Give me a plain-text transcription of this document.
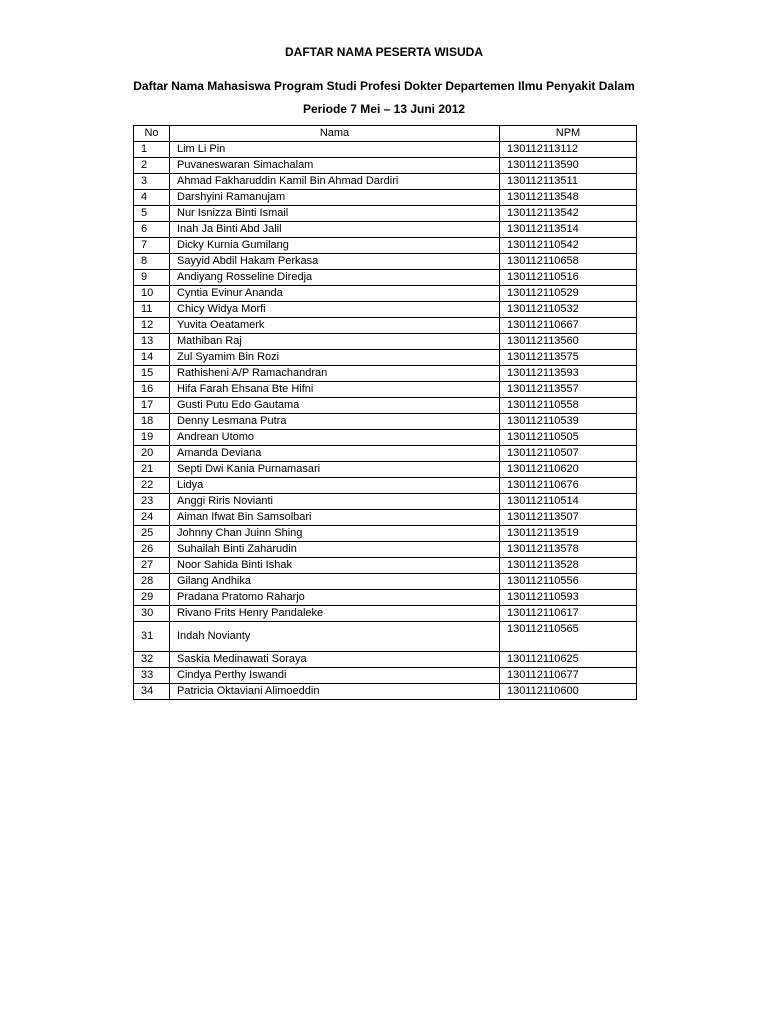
DAFTAR NAMA PESERTA WISUDA
Daftar Nama Mahasiswa Program Studi Profesi Dokter Departemen Ilmu Penyakit Dalam
Periode 7 Mei – 13 Juni 2012
No	Nama	NPM
1	Lim Li Pin	130112113112
2	Puvaneswaran Simachalam	130112113590
3	Ahmad Fakharuddin Kamil Bin Ahmad Dardiri	130112113511
4	Darshyini Ramanujam	130112113548
5	Nur Isnizza Binti Ismail	130112113542
6	Inah Ja Binti Abd Jalil	130112113514
7	Dicky Kurnia Gumilang	130112110542
8	Sayyid Abdil Hakam Perkasa	130112110658
9	Andiyang Rosseline Diredja	130112110516
10	Cyntia Evinur Ananda	130112110529
11	Chicy Widya Morfi	130112110532
12	Yuvita Oeatamerk	130112110667
13	Mathiban Raj	130112113560
14	Zul Syamim Bin Rozi	130112113575
15	Rathisheni A/P Ramachandran	130112113593
16	Hifa Farah Ehsana Bte Hifni	130112113557
17	Gusti Putu Edo Gautama	130112110558
18	Denny Lesmana Putra	130112110539
19	Andrean Utomo	130112110505
20	Amanda Deviana	130112110507
21	Septi Dwi Kania Purnamasari	130112110620
22	Lidya	130112110676
23	Anggi Riris Novianti	130112110514
24	Aiman Ifwat Bin Samsolbari	130112113507
25	Johnny Chan Juinn Shing	130112113519
26	Suhailah Binti Zaharudin	130112113578
27	Noor Sahida Binti Ishak	130112113528
28	Gilang Andhika	130112110556
29	Pradana Pratomo Raharjo	130112110593
30	Rivano Frits Henry Pandaleke	130112110617
31	Indah Novianty	130112110565
32	Saskia Medinawati Soraya	130112110625
33	Cindya Perthy Iswandi	130112110677
34	Patricia Oktaviani Alimoeddin	130112110600
